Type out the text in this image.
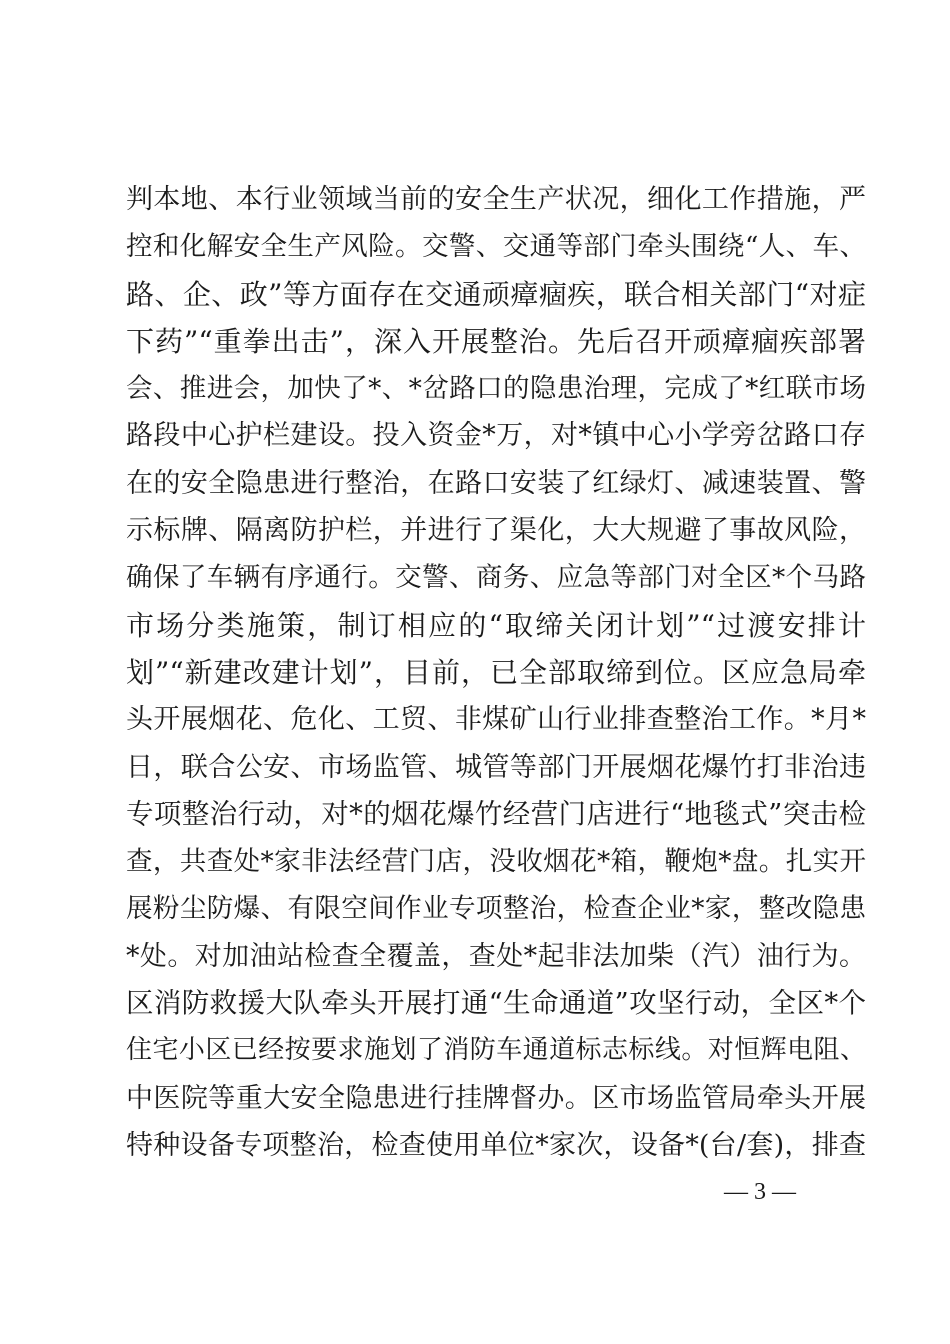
判本地、本行业领域当前的安全生产状况，细化工作措施，严
控和化解安全生产风险。交警、交通等部门牵头围绕“人、车、
路、企、政”等方面存在交通顽瘴痼疾，联合相关部门“对症
下药”“重拳出击”，深入开展整治。先后召开顽瘴痼疾部署
会、推进会，加快了*、*岔路口的隐患治理，完成了*红联市场
路段中心护栏建设。投入资金*万，对*镇中心小学旁岔路口存
在的安全隐患进行整治，在路口安装了红绿灯、减速装置、警
示标牌、隔离防护栏，并进行了渠化，大大规避了事故风险，
确保了车辆有序通行。交警、商务、应急等部门对全区*个马路
市场分类施策，制订相应的“取缔关闭计划”“过渡安排计
划”“新建改建计划”，目前，已全部取缔到位。区应急局牵
头开展烟花、危化、工贸、非煤矿山行业排查整治工作。*月*
日，联合公安、市场监管、城管等部门开展烟花爆竹打非治违
专项整治行动，对*的烟花爆竹经营门店进行“地毯式”突击检
查，共查处*家非法经营门店，没收烟花*箱，鞭炮*盘。扎实开
展粉尘防爆、有限空间作业专项整治，检查企业*家，整改隐患
*处。对加油站检查全覆盖，查处*起非法加柴（汽）油行为。
区消防救援大队牵头开展打通“生命通道”攻坚行动，全区*个
住宅小区已经按要求施划了消防车通道标志标线。对恒辉电阻、
中医院等重大安全隐患进行挂牌督办。区市场监管局牵头开展
特种设备专项整治，检查使用单位*家次，设备*(台/套)，排查
— 3 —
